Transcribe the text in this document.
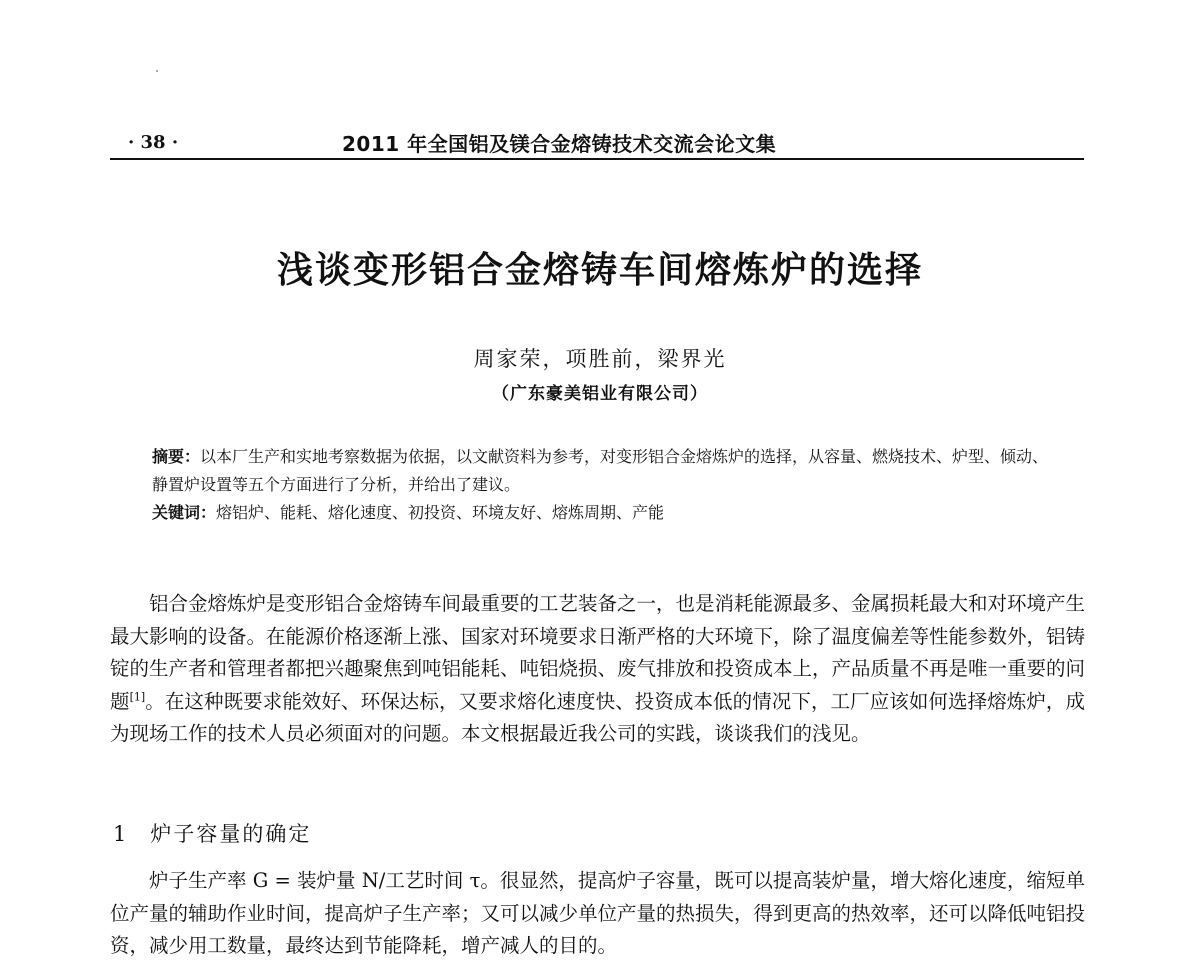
· 38 ·	2011 年全国铝及镁合金熔铸技术交流会论文集
浅谈变形铝合金熔铸车间熔炼炉的选择
周家荣，项胜前，梁界光
（广东豪美铝业有限公司）

摘要：以本厂生产和实地考察数据为依据，以文献资料为参考，对变形铝合金熔炼炉的选择，从容量、燃烧技术、炉型、倾动、静置炉设置等五个方面进行了分析，并给出了建议。

关键词：熔铝炉、能耗、熔化速度、初投资、环境友好、熔炼周期、产能

铝合金熔炼炉是变形铝合金熔铸车间最重要的工艺装备之一，也是消耗能源最多、金属损耗最大和对环境产生最大影响的设备。在能源价格逐渐上涨、国家对环境要求日渐严格的大环境下，除了温度偏差等性能参数外，铝铸锭的生产者和管理者都把兴趣聚焦到吨铝能耗、吨铝烧损、废气排放和投资成本上，产品质量不再是唯一重要的问题[1]。在这种既要求能效好、环保达标，又要求熔化速度快、投资成本低的情况下，工厂应该如何选择熔炼炉，成为现场工作的技术人员必须面对的问题。本文根据最近我公司的实践，谈谈我们的浅见。

1 炉子容量的确定

炉子生产率 G = 装炉量 N/工艺时间 τ。很显然，提高炉子容量，既可以提高装炉量，增大熔化速度，缩短单位产量的辅助作业时间，提高炉子生产率；又可以减少单位产量的热损失，得到更高的热效率，还可以降低吨铝投资，减少用工数量，最终达到节能降耗，增产减人的目的。
